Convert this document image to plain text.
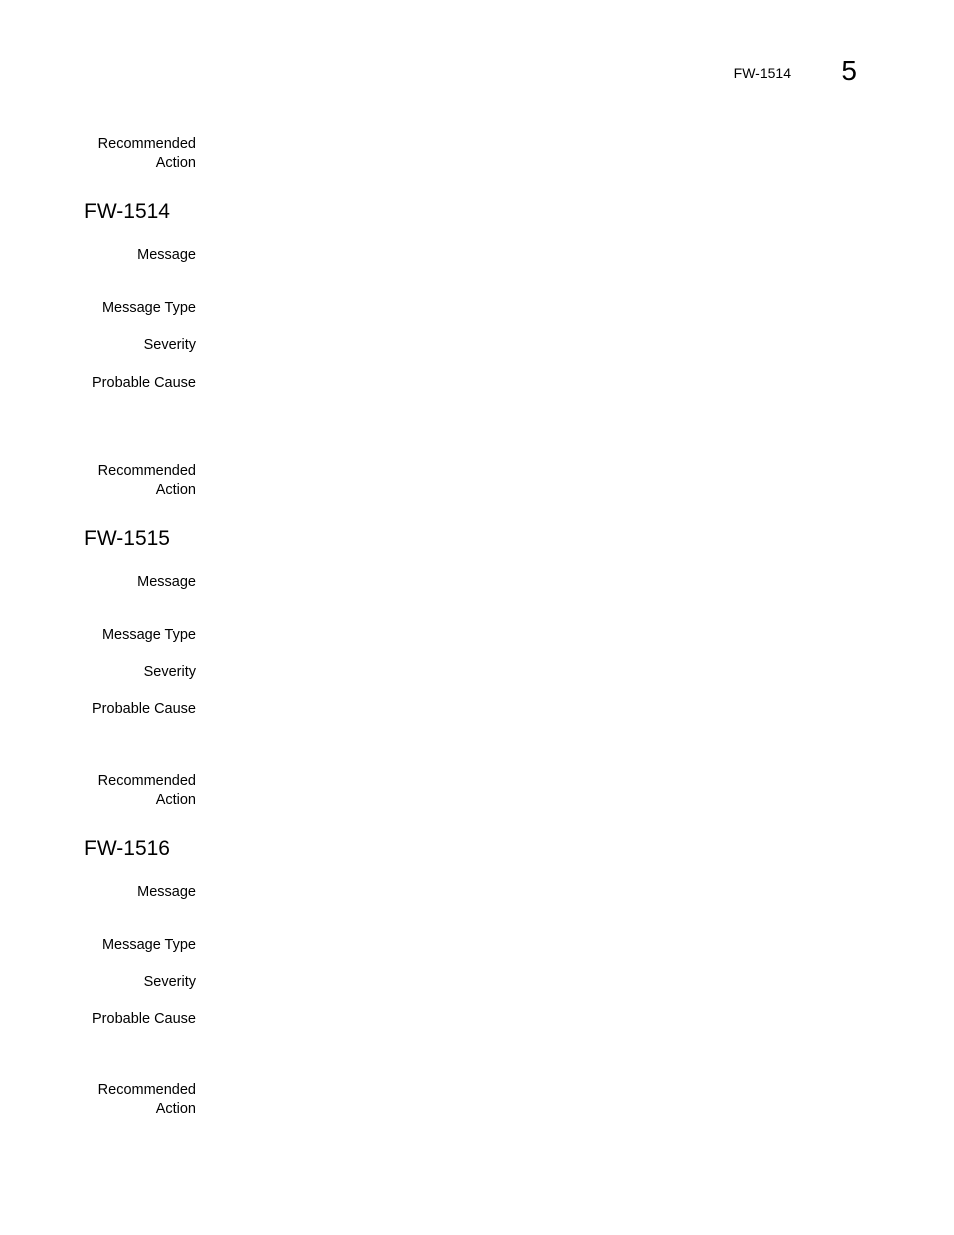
FW-1514	5
Recommended
Action
FW-1514
Message
Message Type
Severity
Probable Cause
Recommended
Action
FW-1515
Message
Message Type
Severity
Probable Cause
Recommended
Action
FW-1516
Message
Message Type
Severity
Probable Cause
Recommended
Action
